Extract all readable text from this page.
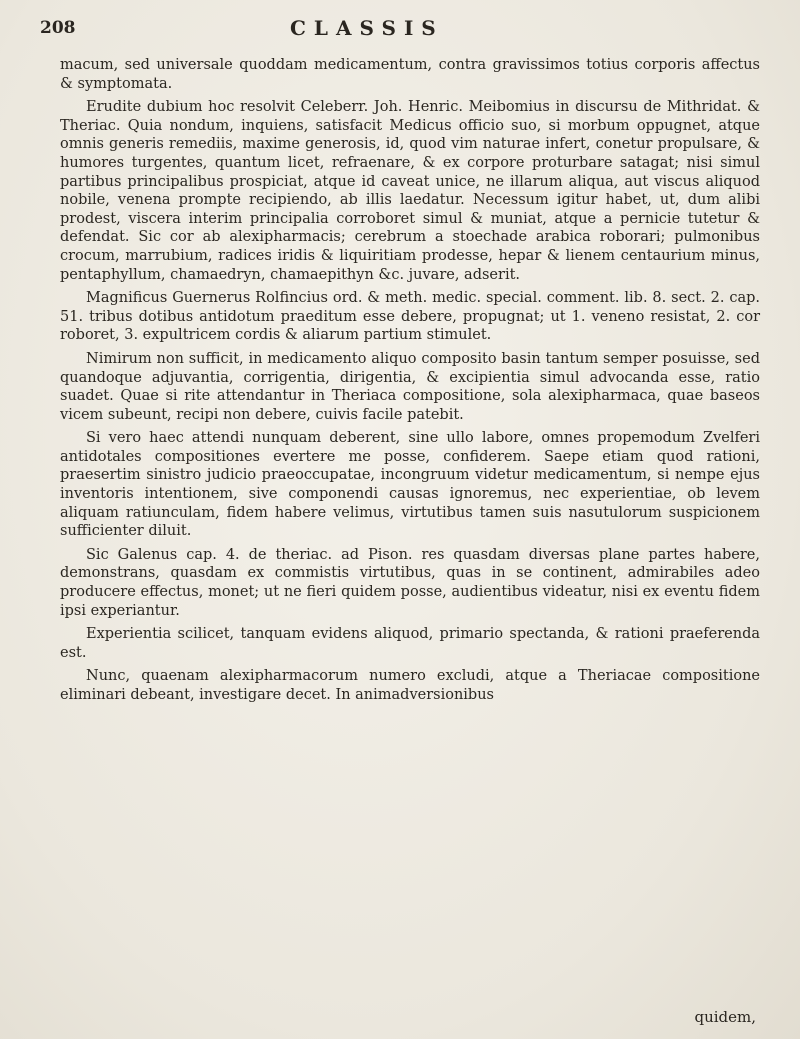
208	CLASSIS

macum, sed universale quoddam medicamentum, contra gravissimos totius corporis affectus & symptomata.

Erudite dubium hoc resolvit Celeberr. Joh. Henric. Meibomius in discursu de Mithridat. & Theriac. Quia nondum, inquiens, satisfacit Medicus officio suo, si morbum oppugnet, atque omnis generis remediis, maxime generosis, id, quod vim naturae infert, conetur propulsare, & humores turgentes, quantum licet, refraenare, & ex corpore proturbare satagat; nisi simul partibus principalibus prospiciat, atque id caveat unice, ne illarum aliqua, aut viscus aliquod nobile, venena prompte recipiendo, ab illis laedatur. Necessum igitur habet, ut, dum alibi prodest, viscera interim principalia corroboret simul & muniat, atque a pernicie tutetur & defendat. Sic cor ab alexipharmacis; cerebrum a stoechade arabica roborari; pulmonibus crocum, marrubium, radices iridis & liquiritiam prodesse, hepar & lienem centaurium minus, pentaphyllum, chamaedryn, chamaepithyn &c. juvare, adserit.

Magnificus Guernerus Rolfincius ord. & meth. medic. special. comment. lib. 8. sect. 2. cap. 51. tribus dotibus antidotum praeditum esse debere, propugnat; ut 1. veneno resistat, 2. cor roboret, 3. expultricem cordis & aliarum partium stimulet.

Nimirum non sufficit, in medicamento aliquo composito basin tantum semper posuisse, sed quandoque adjuvantia, corrigentia, dirigentia, & excipientia simul advocanda esse, ratio suadet. Quae si rite attendantur in Theriaca compositione, sola alexipharmaca, quae baseos vicem subeunt, recipi non debere, cuivis facile patebit.

Si vero haec attendi nunquam deberent, sine ullo labore, omnes propemodum Zvelferi antidotales compositiones evertere me posse, confiderem. Saepe etiam quod rationi, praesertim sinistro judicio praeoccupatae, incongruum videtur medicamentum, si nempe ejus inventoris intentionem, sive componendi causas ignoremus, nec experientiae, ob levem aliquam ratiunculam, fidem habere velimus, virtutibus tamen suis nasutulorum suspicionem sufficienter diluit.

Sic Galenus cap. 4. de theriac. ad Pison. res quasdam diversas plane partes habere, demonstrans, quasdam ex commistis virtutibus, quas in se continent, admirabiles adeo producere effectus, monet; ut ne fieri quidem posse, audientibus videatur, nisi ex eventu fidem ipsi experiantur.

Experientia scilicet, tanquam evidens aliquod, primario spectanda, & rationi praeferenda est.

Nunc, quaenam alexipharmacorum numero excludi, atque a Theriacae compositione eliminari debeant, investigare decet. In animadversionibus

quidem,
